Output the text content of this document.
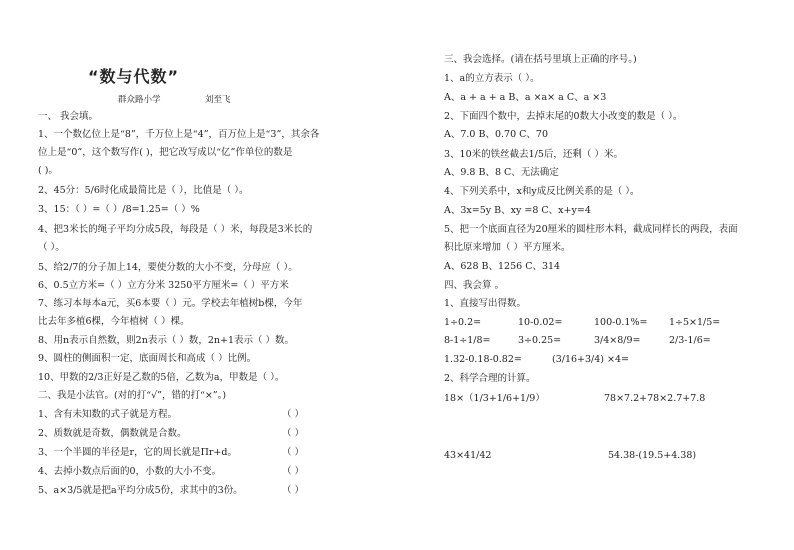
“数与代数”
群众路小学	刘至飞
一、 我会填。
1、一个数亿位上是“8”，千万位上是“4”，百万位上是“3”，其余各
位上是“0”，这个数写作( )，把它改写成以“亿”作单位的数是
( )。
2、45分：5/6时化成最简比是（ ），比值是（ ）。
3、15：（ ）=（ ）/8=1.25=（ ）%
4、把3米长的绳子平均分成5段，每段是（ ）米，每段是3米长的
（ ）。
5、给2/7的分子加上14，要使分数的大小不变，分母应（ ）。
6、0.5立方米=（ ）立方分米 3250平方厘米=（ ）平方米
7、练习本每本a元，买6本要（ ）元。学校去年植树b棵，今年
比去年多植6棵，今年植树（ ）棵。
8、用n表示自然数，则2n表示（ ）数，2n+1表示（ ）数。
9、圆柱的侧面积一定，底面周长和高成（ ）比例。
10、甲数的2/3正好是乙数的5倍，乙数为a，甲数是（ ）。
二、我是小法官。(对的打“√”，错的打“×”。)
1、含有未知数的式子就是方程。	（ ）
2、质数就是奇数，偶数就是合数。	（ ）
3、一个半圆的半径是r，它的周长就是Πr+d。	（ ）
4、去掉小数点后面的0，小数的大小不变。	（ ）
5、a×3/5就是把a平均分成5份，求其中的3份。	（ ）
三、我会选择。(请在括号里填上正确的序号。)
1、a的立方表示（ ）。
A、a + a + a B、a ×a× a C、a ×3
2、下面四个数中，去掉末尾的0数大小改变的数是（ ）。
A、7.0 B、0.70 C、70
3、10米的铁丝截去1/5后，还剩（ ）米。
A、9.8 B、8 C、无法确定
4、下列关系中，x和y成反比例关系的是（ ）。
A、3x=5y B、xy =8 C、x+y=4
5、把一个底面直径为20厘米的圆柱形木料，截成同样长的两段，表面
积比原来增加（ ）平方厘米。
A、628 B、1256 C、314
四、我会算 。
1、直接写出得数。
1÷0.2=	10-0.02=	100-0.1%= 1÷5×1/5=
8-1÷1/8=	3÷0.25=	3/4×8/9=	2/3-1/6=
1.32-0.18-0.82=	(3/16+3/4) ×4=
2、科学合理的计算。
18×（1/3+1/6+1/9）	78×7.2+78×2.7+7.8
43×41/42	54.38-(19.5+4.38)
